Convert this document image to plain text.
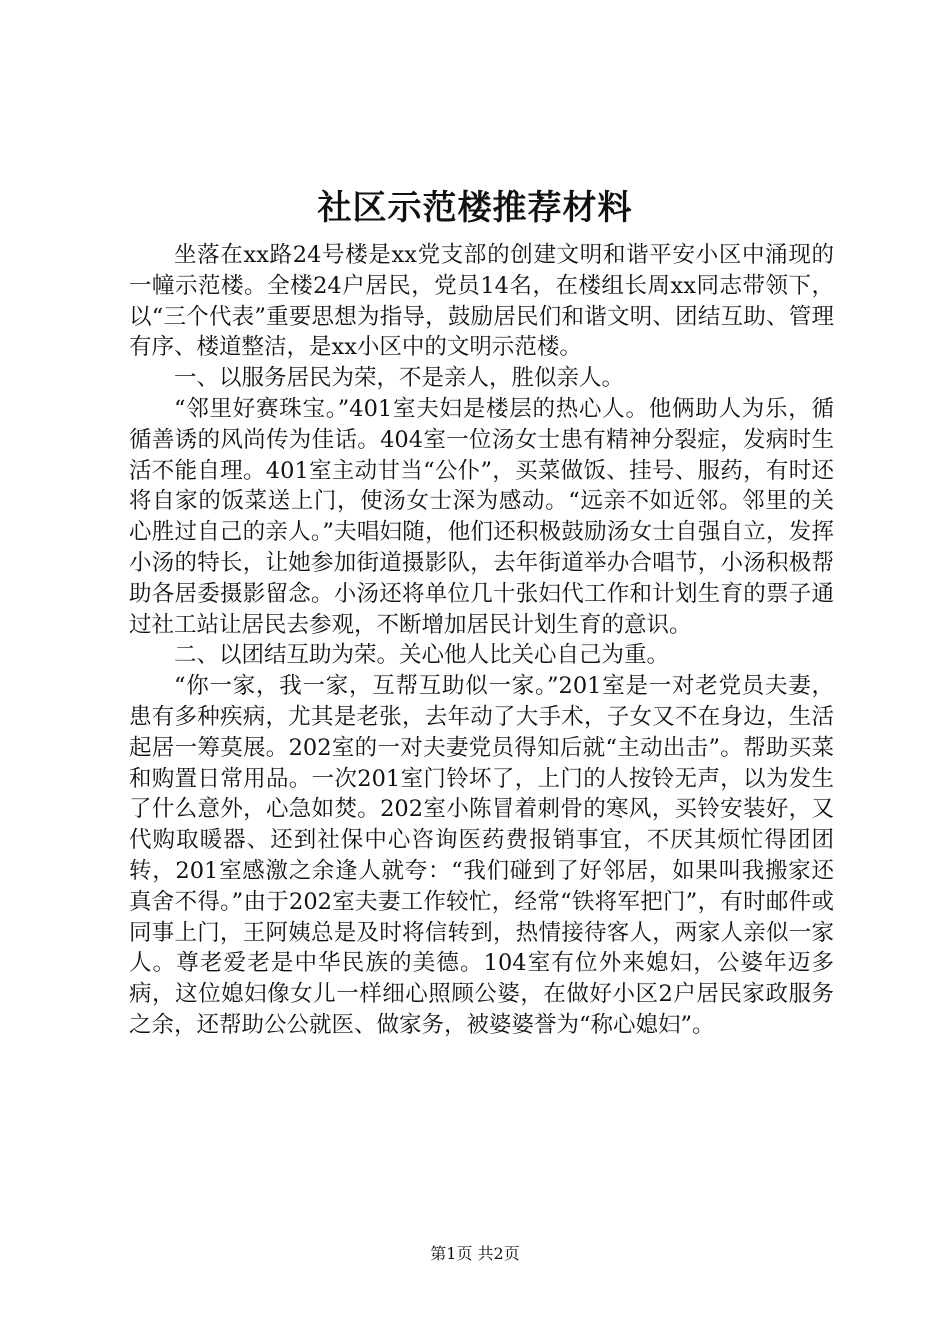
社区示范楼推荐材料

坐落在xx路24号楼是xx党支部的创建文明和谐平安小区中涌现的一幢示范楼。全楼24户居民，党员14名，在楼组长周xx同志带领下，以“三个代表”重要思想为指导，鼓励居民们和谐文明、团结互助、管理有序、楼道整洁，是xx小区中的文明示范楼。

一、以服务居民为荣，不是亲人，胜似亲人。

“邻里好赛珠宝。”401室夫妇是楼层的热心人。他俩助人为乐，循循善诱的风尚传为佳话。404室一位汤女士患有精神分裂症，发病时生活不能自理。401室主动甘当“公仆”，买菜做饭、挂号、服药，有时还将自家的饭菜送上门，使汤女士深为感动。“远亲不如近邻。邻里的关心胜过自己的亲人。”夫唱妇随，他们还积极鼓励汤女士自强自立，发挥小汤的特长，让她参加街道摄影队，去年街道举办合唱节，小汤积极帮助各居委摄影留念。小汤还将单位几十张妇代工作和计划生育的票子通过社工站让居民去参观，不断增加居民计划生育的意识。

二、以团结互助为荣。关心他人比关心自己为重。

“你一家，我一家，互帮互助似一家。”201室是一对老党员夫妻，患有多种疾病，尤其是老张，去年动了大手术，子女又不在身边，生活起居一筹莫展。202室的一对夫妻党员得知后就“主动出击”。帮助买菜和购置日常用品。一次201室门铃坏了，上门的人按铃无声，以为发生了什么意外，心急如焚。202室小陈冒着刺骨的寒风，买铃安装好，又代购取暖器、还到社保中心咨询医药费报销事宜，不厌其烦忙得团团转，201室感激之余逢人就夸：“我们碰到了好邻居，如果叫我搬家还真舍不得。”由于202室夫妻工作较忙，经常“铁将军把门”，有时邮件或同事上门，王阿姨总是及时将信转到，热情接待客人，两家人亲似一家人。尊老爱老是中华民族的美德。104室有位外来媳妇，公婆年迈多病，这位媳妇像女儿一样细心照顾公婆，在做好小区2户居民家政服务之余，还帮助公公就医、做家务，被婆婆誉为“称心媳妇”。

第1页 共2页
